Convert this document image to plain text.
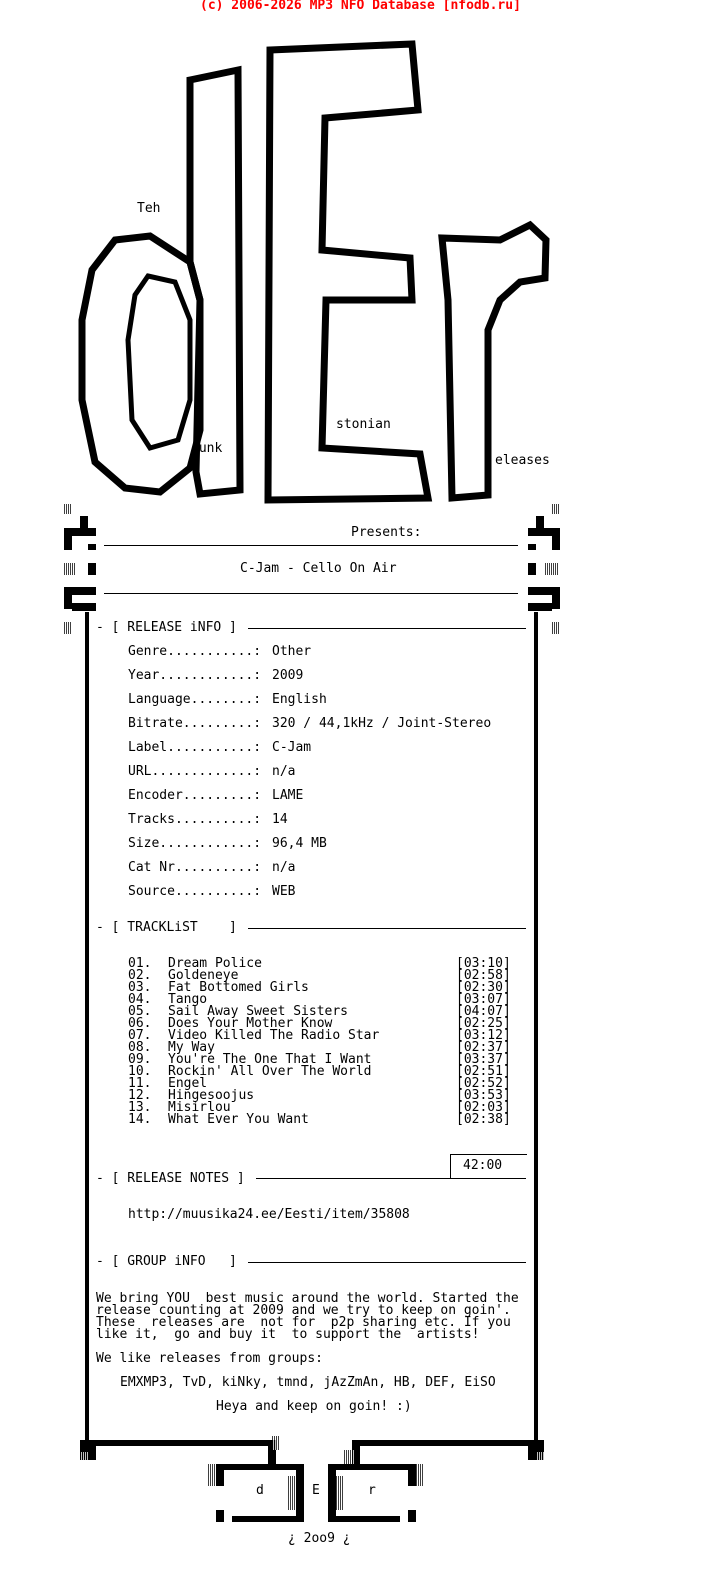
(c) 2006-2026 MP3 NFO Database [nfodb.ru]
Teh
runk
stonian
eleases
Presents:
C-Jam - Cello On Air
- [ RELEASE iNFO ]
Genre...........: Other
Year............: 2009
Language........: English
Bitrate.........: 320 / 44,1kHz / Joint-Stereo
Label...........: C-Jam
URL.............: n/a
Encoder.........: LAME
Tracks..........: 14
Size............: 96,4 MB
Cat Nr..........: n/a
Source..........: WEB
- [ TRACKLiST    ]
01. Dream Police	[03:10]
02. Goldeneye	[02:58]
03. Fat Bottomed Girls	[02:30]
04. Tango	[03:07]
05. Sail Away Sweet Sisters	[04:07]
06. Does Your Mother Know	[02:25]
07. Video Killed The Radio Star	[03:12]
08. My Way	[02:37]
09. You're The One That I Want	[03:37]
10. Rockin' All Over The World	[02:51]
11. Engel	[02:52]
12. Hingesoojus	[03:53]
13. Misirlou	[02:03]
14. What Ever You Want	[02:38]
42:00
- [ RELEASE NOTES ]
http://muusika24.ee/Eesti/item/35808
- [ GROUP iNFO   ]
We bring YOU  best music around the world. Started the
release counting at 2009 and we try to keep on goin'.
These  releases are  not for  p2p sharing etc. If you
like it,  go and buy it  to support the  artists!
We like releases from groups:
EMXMP3, TvD, kiNky, tmnd, jAzZmAn, HB, DEF, EiSO
Heya and keep on goin! :)
d	E	r
¿ 2oo9 ¿
